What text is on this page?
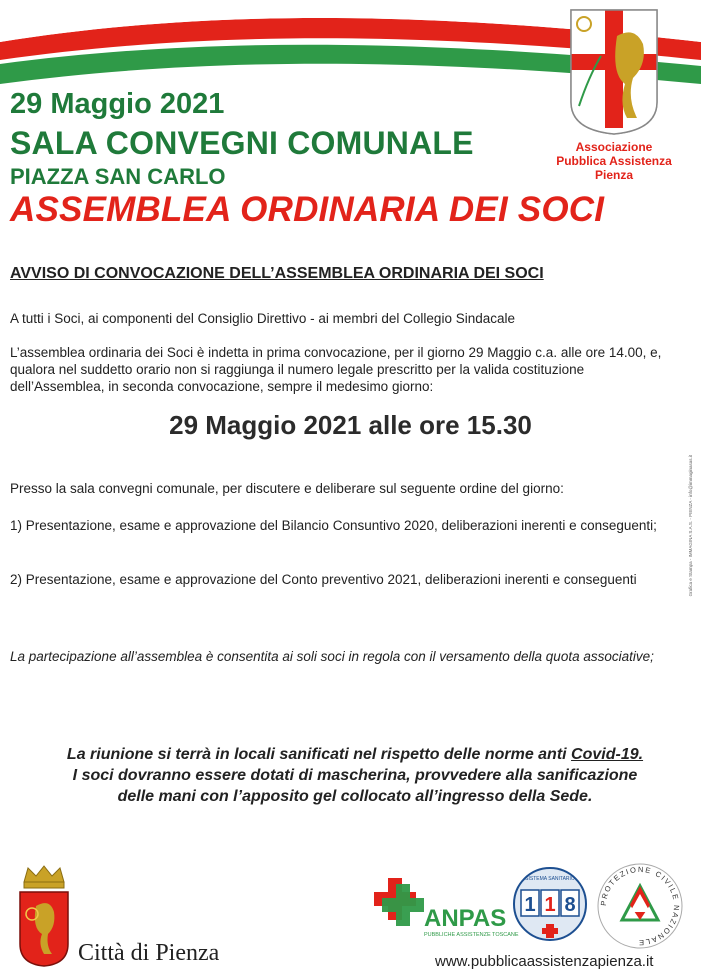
Associazione
Pubblica Assistenza
Pienza
29 Maggio 2021
SALA CONVEGNI COMUNALE
PIAZZA SAN CARLO
ASSEMBLEA ORDINARIA DEI SOCI
AVVISO DI CONVOCAZIONE DELL’ASSEMBLEA ORDINARIA DEI SOCI

A tutti i Soci, ai componenti del Consiglio Direttivo - ai membri del Collegio Sindacale

L’assemblea ordinaria dei Soci è indetta in prima convocazione, per il giorno 29 Maggio c.a. alle ore 14.00, e, qualora nel suddetto orario non si raggiunga il numero legale prescritto per la valida costituzione dell’Assemblea, in seconda convocazione, sempre il medesimo giorno:

29 Maggio 2021 alle ore 15.30

Presso la sala convegni comunale, per discutere e deliberare sul seguente ordine del giorno:

1) Presentazione, esame e approvazione del Bilancio Consuntivo 2020, deliberazioni inerenti e conseguenti;

2) Presentazione, esame e approvazione del Conto preventivo 2021, deliberazioni inerenti e conseguenti

La partecipazione all’assemblea è consentita ai soli soci in regola con il versamento della quota associative;

La riunione si terrà in locali sanificati nel rispetto delle norme anti Covid-19.
I soci dovranno essere dotati di mascherina, provvedere alla sanificazione
delle mani con l’apposito gel collocato all’ingresso della Sede.

Grafica e Stampa - IMMAGINA S.A.S. - PIENZA - info@immaginasas.it
Città di Pienza
ANPAS
PUBBLICHE ASSISTENZE TOSCANE
SISTEMA SANITARIO
1 1 8	PROTEZIONE CIVILE NAZIONALE
www.pubblicaassistenzapienza.it
